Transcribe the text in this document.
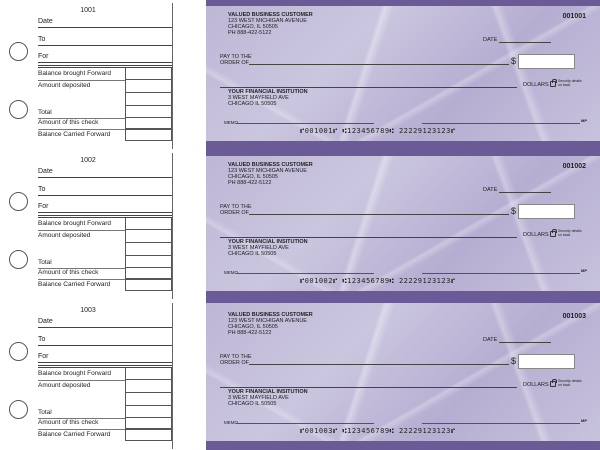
1001
Date
To
For
Balance brought Forward
Amount deposited
Total
Amount of this check
Balance Carried Forward
VALUED BUSINESS CUSTOMER
123 WEST MICHIGAN AVENUE
CHICAGO, IL 50505
PH 888-422-5122
001001
DATE
PAY TO THE
ORDER OF	$
DOLLARS
Security details on back
YOUR FINANCIAL INSITUTION
3 WEST MAYFIELD AVE
CHICAGO IL 50505
MEMO	MP
⑈001001⑈ ⑆123456789⑆ 22229123123⑈
1002
Date
To
For
Balance brought Forward
Amount deposited
Total
Amount of this check
Balance Carried Forward
VALUED BUSINESS CUSTOMER
123 WEST MICHIGAN AVENUE
CHICAGO, IL 50505
PH 888-422-5122
001002
DATE
PAY TO THE
ORDER OF	$
DOLLARS
Security details on back
YOUR FINANCIAL INSITUTION
3 WEST MAYFIELD AVE
CHICAGO IL 50505
MEMO	MP
⑈001002⑈ ⑆123456789⑆ 22229123123⑈
1003
Date
To
For
Balance brought Forward
Amount deposited
Total
Amount of this check
Balance Carried Forward
VALUED BUSINESS CUSTOMER
123 WEST MICHIGAN AVENUE
CHICAGO, IL 50505
PH 888-422-5122
001003
DATE
PAY TO THE
ORDER OF	$
DOLLARS
Security details on back
YOUR FINANCIAL INSITUTION
3 WEST MAYFIELD AVE
CHICAGO IL 50505
MEMO	MP
⑈001003⑈ ⑆123456789⑆ 22229123123⑈
